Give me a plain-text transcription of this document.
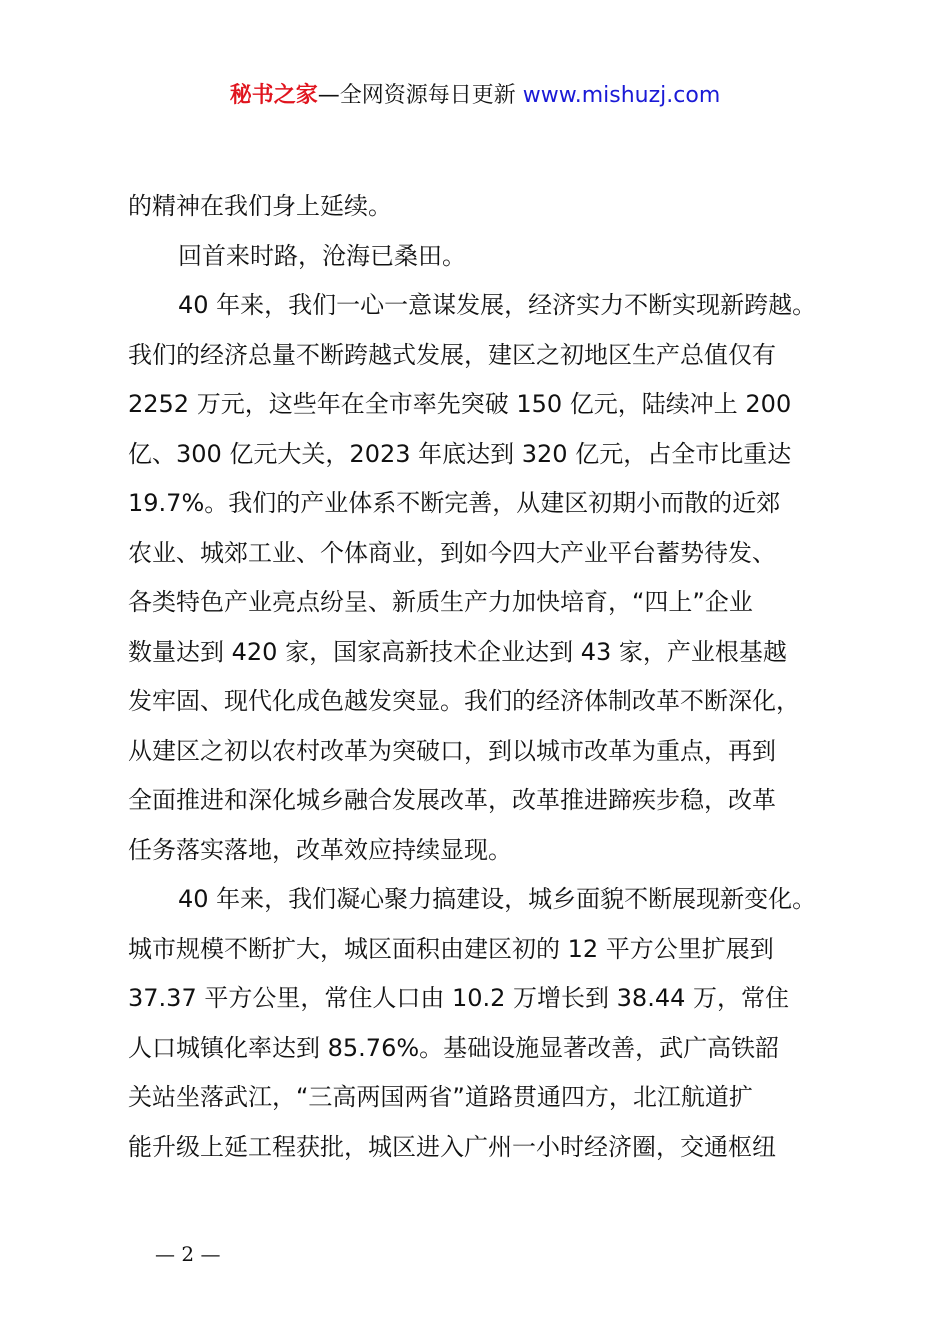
秘书之家—全网资源每日更新 www.mishuzj.com
的精神在我们身上延续。
回首来时路，沧海已桑田。
40 年来，我们一心一意谋发展，经济实力不断实现新跨越。
我们的经济总量不断跨越式发展，建区之初地区生产总值仅有
2252 万元，这些年在全市率先突破 150 亿元，陆续冲上 200
亿、300 亿元大关，2023 年底达到 320 亿元，占全市比重达
19.7%。我们的产业体系不断完善，从建区初期小而散的近郊
农业、城郊工业、个体商业，到如今四大产业平台蓄势待发、
各类特色产业亮点纷呈、新质生产力加快培育，“四上”企业
数量达到 420 家，国家高新技术企业达到 43 家，产业根基越
发牢固、现代化成色越发突显。我们的经济体制改革不断深化，
从建区之初以农村改革为突破口，到以城市改革为重点，再到
全面推进和深化城乡融合发展改革，改革推进蹄疾步稳，改革
任务落实落地，改革效应持续显现。
40 年来，我们凝心聚力搞建设，城乡面貌不断展现新变化。
城市规模不断扩大，城区面积由建区初的 12 平方公里扩展到
37.37 平方公里，常住人口由 10.2 万增长到 38.44 万，常住
人口城镇化率达到 85.76%。基础设施显著改善，武广高铁韶
关站坐落武江，“三高两国两省”道路贯通四方，北江航道扩
能升级上延工程获批，城区进入广州一小时经济圈，交通枢纽
— 2 —
